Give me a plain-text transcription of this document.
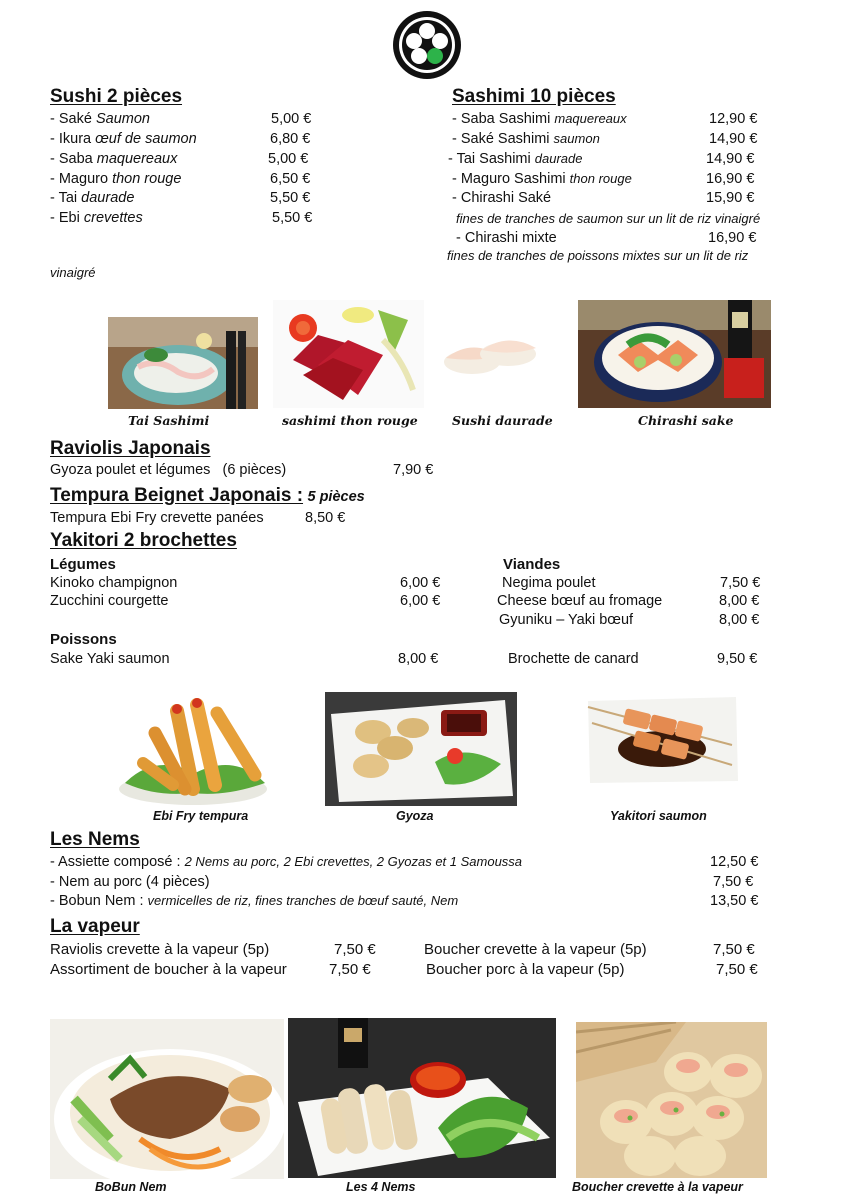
Sushi 2 pièces
- Saké Saumon	5,00 €
- Ikura œuf de saumon	6,80 €
- Saba maquereaux	5,00 €
- Maguro thon rouge	6,50 €
- Tai daurade	5,50 €
- Ebi crevettes	5,50 €
Sashimi 10 pièces
- Saba Sashimi maquereaux	12,90 €
- Saké Sashimi saumon	14,90 €
- Tai Sashimi daurade	14,90 €
- Maguro Sashimi thon rouge	16,90 €
- Chirashi Saké	15,90 €
fines de tranches de saumon sur un lit de riz vinaigré
- Chirashi mixte	16,90 €
fines de tranches de poissons mixtes sur un lit de riz
vinaigré
Tai Sashimi	sashimi thon rouge	Sushi daurade	Chirashi sake
Raviolis Japonais
Gyoza poulet et légumes (6 pièces)	7,90 €
Tempura Beignet Japonais : 5 pièces
Tempura Ebi Fry crevette panées	8,50 €
Yakitori 2 brochettes
Légumes
Kinoko champignon	6,00 €
Zucchini courgette	6,00 €
Poissons
Sake Yaki saumon	8,00 €
Viandes
Negima poulet	7,50 €
Cheese bœuf au fromage	8,00 €
Gyuniku – Yaki bœuf	8,00 €
Brochette de canard	9,50 €
Ebi Fry tempura	Gyoza	Yakitori saumon
Les Nems
- Assiette composé : 2 Nems au porc, 2 Ebi crevettes, 2 Gyozas et 1 Samoussa	12,50 €
- Nem au porc (4 pièces)	7,50 €
- Bobun Nem : vermicelles de riz, fines tranches de bœuf sauté, Nem	13,50 €
La vapeur
Raviolis crevette à la vapeur (5p)	7,50 €
Assortiment de boucher à la vapeur	7,50 €
Boucher crevette à la vapeur (5p)	7,50 €
Boucher porc à la vapeur (5p)	7,50 €
BoBun Nem	Les 4 Nems	Boucher crevette à la vapeur
